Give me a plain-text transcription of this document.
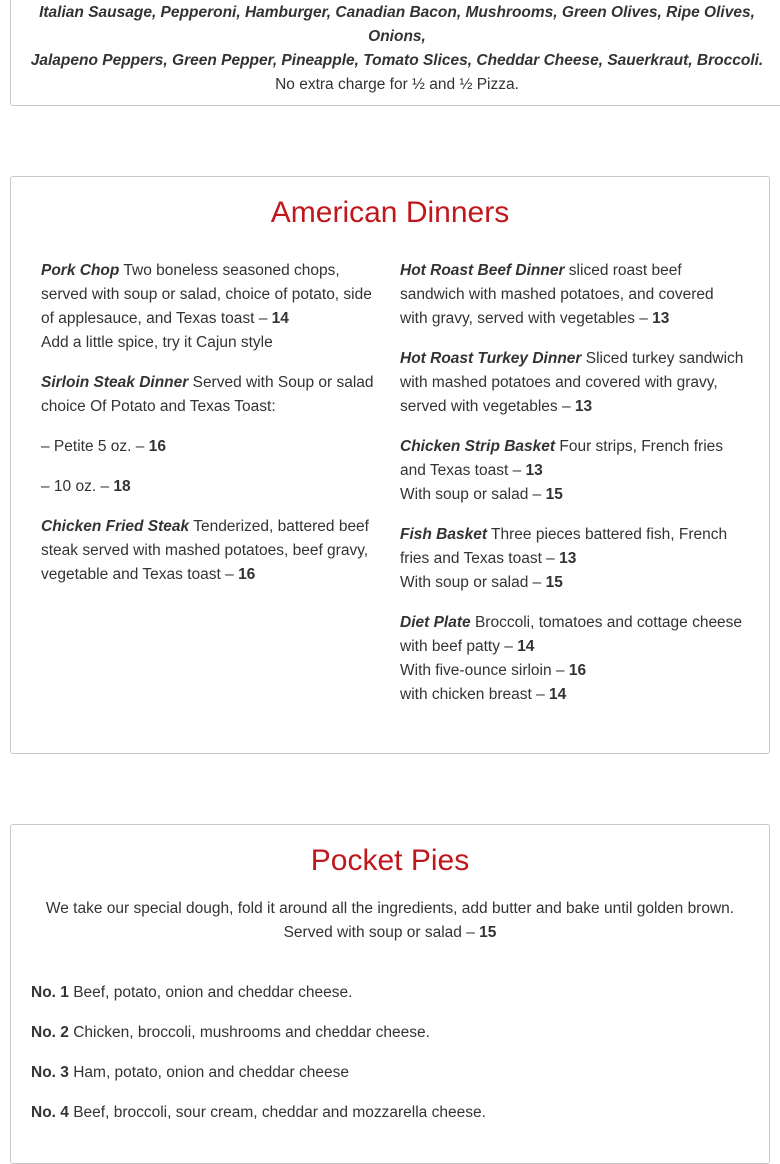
Italian Sausage, Pepperoni, Hamburger, Canadian Bacon, Mushrooms, Green Olives, Ripe Olives, Onions,
Jalapeno Peppers, Green Pepper, Pineapple, Tomato Slices, Cheddar Cheese, Sauerkraut, Broccoli.
No extra charge for ½ and ½ Pizza.
American Dinners
Pork Chop Two boneless seasoned chops, served with soup or salad, choice of potato, side of applesauce, and Texas toast – 14
Add a little spice, try it Cajun style
Sirloin Steak Dinner Served with Soup or salad choice Of Potato and Texas Toast:
– Petite 5 oz. – 16
– 10 oz. – 18
Chicken Fried Steak Tenderized, battered beef steak served with mashed potatoes, beef gravy, vegetable and Texas toast – 16
Hot Roast Beef Dinner sliced roast beef sandwich with mashed potatoes, and covered with gravy, served with vegetables – 13
Hot Roast Turkey Dinner Sliced turkey sandwich with mashed potatoes and covered with gravy, served with vegetables – 13
Chicken Strip Basket Four strips, French fries and Texas toast – 13
With soup or salad – 15
Fish Basket Three pieces battered fish, French fries and Texas toast – 13
With soup or salad – 15
Diet Plate Broccoli, tomatoes and cottage cheese with beef patty – 14
With five-ounce sirloin – 16
with chicken breast – 14
Pocket Pies
We take our special dough, fold it around all the ingredients, add butter and bake until golden brown. Served with soup or salad – 15
No. 1 Beef, potato, onion and cheddar cheese.
No. 2 Chicken, broccoli, mushrooms and cheddar cheese.
No. 3 Ham, potato, onion and cheddar cheese
No. 4 Beef, broccoli, sour cream, cheddar and mozzarella cheese.
